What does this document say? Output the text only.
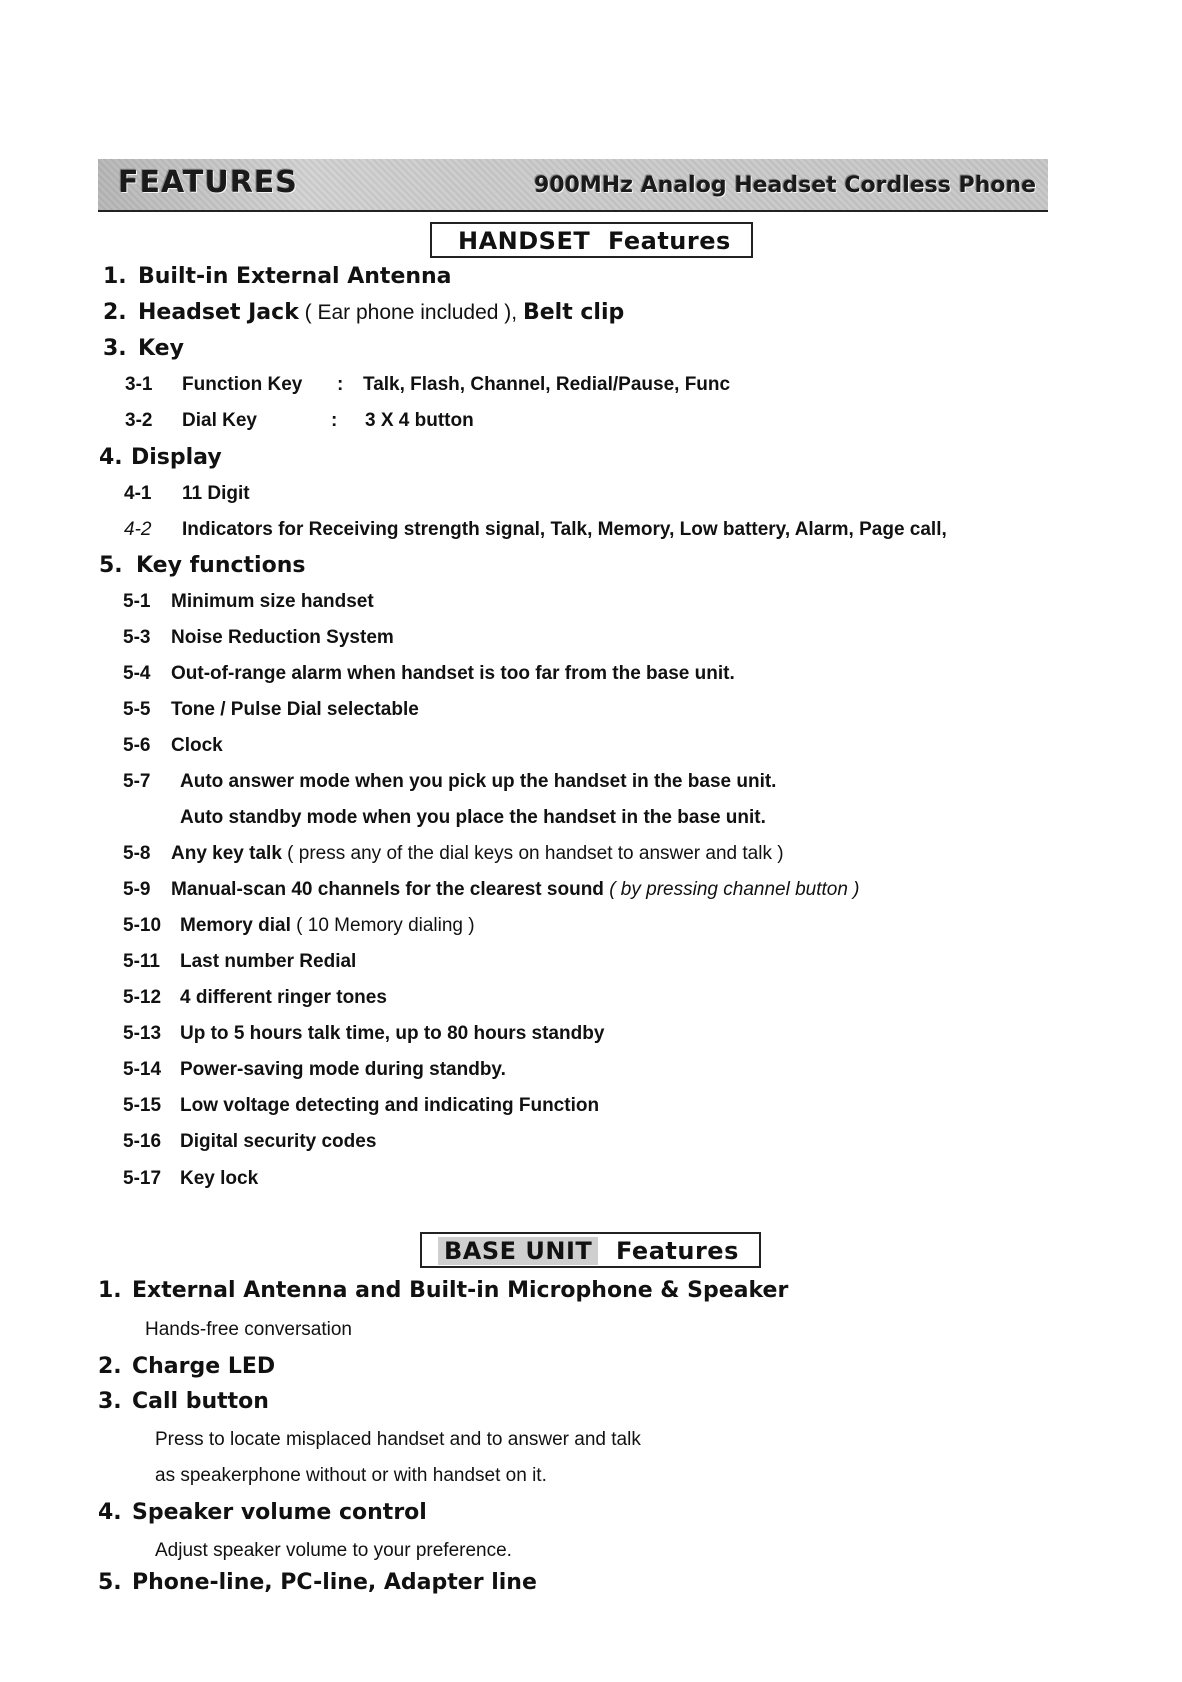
FEATURES	900MHz Analog Headset Cordless Phone
HANDSET Features
1. Built-in External Antenna
2. Headset Jack ( Ear phone included ), Belt clip
3. Key
3-1 Function Key : Talk, Flash, Channel, Redial/Pause, Func
3-2 Dial Key	: 3 X 4 button
4. Display
4-1 11 Digit
4-2 Indicators for Receiving strength signal, Talk, Memory, Low battery, Alarm, Page call,
5. Key functions
5-1 Minimum size handset
5-3 Noise Reduction System
5-4 Out-of-range alarm when handset is too far from the base unit.
5-5 Tone / Pulse Dial selectable
5-6 Clock
5-7 Auto answer mode when you pick up the handset in the base unit.
Auto standby mode when you place the handset in the base unit.
5-8 Any key talk ( press any of the dial keys on handset to answer and talk )
5-9 Manual-scan 40 channels for the clearest sound ( by pressing channel button )
5-10 Memory dial ( 10 Memory dialing )
5-11 Last number Redial
5-12 4 different ringer tones
5-13 Up to 5 hours talk time, up to 80 hours standby
5-14 Power-saving mode during standby.
5-15 Low voltage detecting and indicating Function
5-16 Digital security codes
5-17 Key lock
BASE UNIT Features
1. External Antenna and Built-in Microphone & Speaker
Hands-free conversation
2. Charge LED
3. Call button
Press to locate misplaced handset and to answer and talk
as speakerphone without or with handset on it.
4. Speaker volume control
Adjust speaker volume to your preference.
5. Phone-line, PC-line, Adapter line
